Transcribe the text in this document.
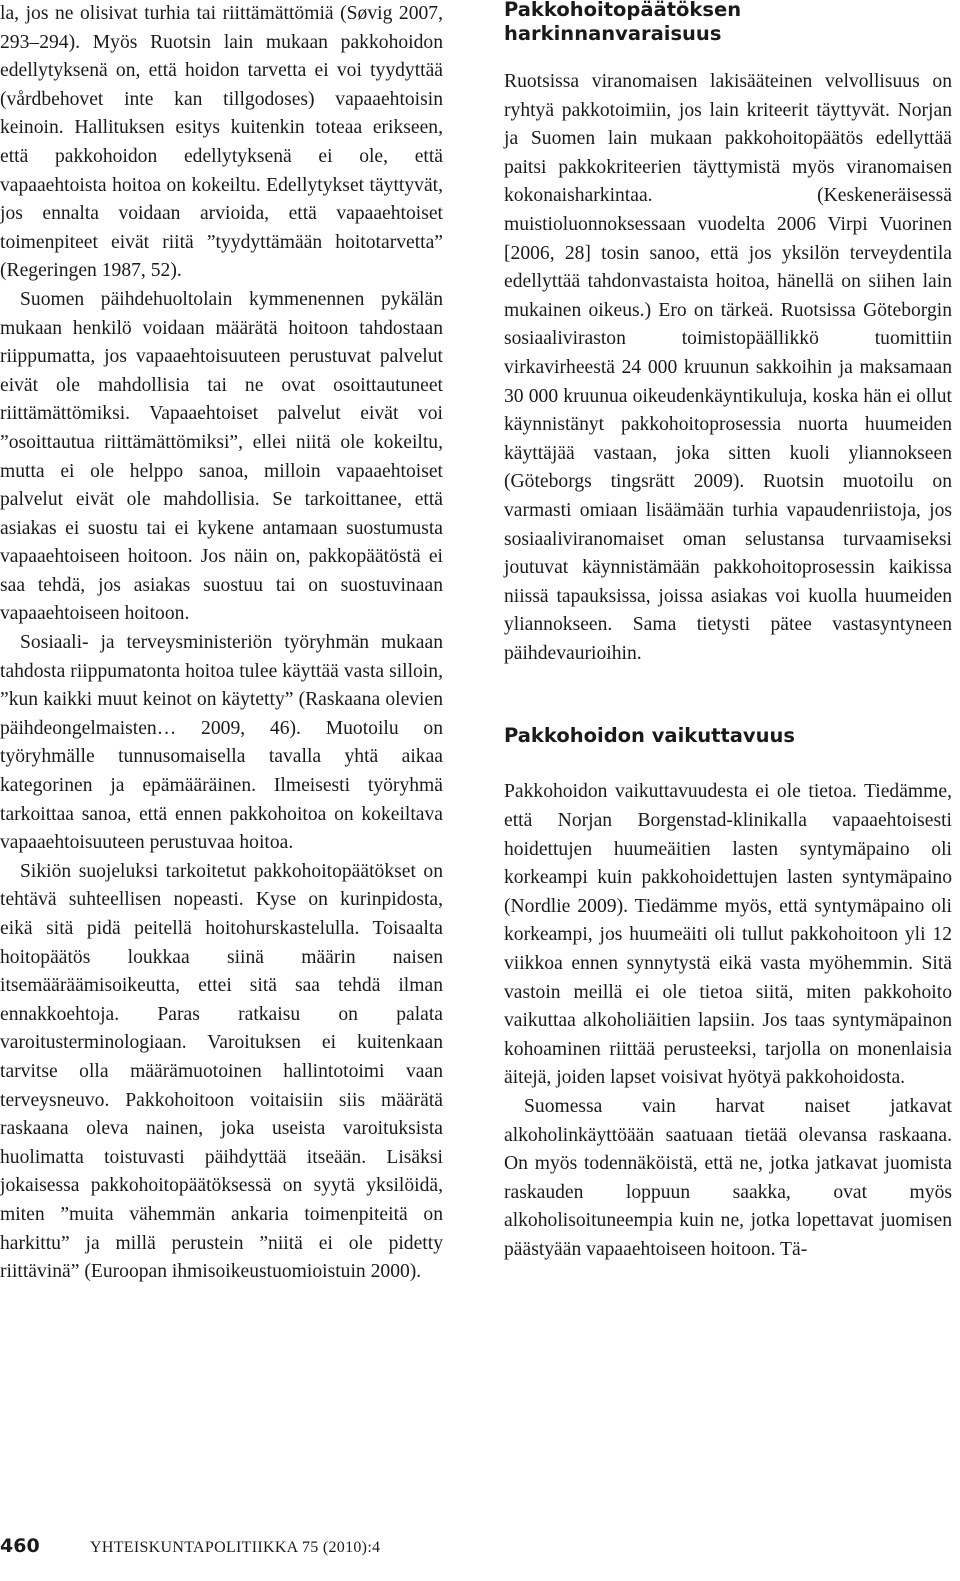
la, jos ne olisivat turhia tai riittämättömiä (Søvig 2007, 293–294). Myös Ruotsin lain mukaan pakkohoidon edellytyksenä on, että hoidon tarvetta ei voi tyydyttää (vårdbehovet inte kan tillgodoses) vapaaehtoisin keinoin. Hallituksen esitys kuitenkin toteaa erikseen, että pakkohoidon edellytyksenä ei ole, että vapaaehtoista hoitoa on kokeiltu. Edellytykset täyttyvät, jos ennalta voidaan arvioida, että vapaaehtoiset toimenpiteet eivät riitä ”tyydyttämään hoitotarvetta” (Regeringen 1987, 52).

Suomen päihdehuoltolain kymmenennen pykälän mukaan henkilö voidaan määrätä hoitoon tahdostaan riippumatta, jos vapaaehtoisuuteen perustuvat palvelut eivät ole mahdollisia tai ne ovat osoittautuneet riittämättömiksi. Vapaaehtoiset palvelut eivät voi ”osoittautua riittämättömiksi”, ellei niitä ole kokeiltu, mutta ei ole helppo sanoa, milloin vapaaehtoiset palvelut eivät ole mahdollisia. Se tarkoittanee, että asiakas ei suostu tai ei kykene antamaan suostumusta vapaaehtoiseen hoitoon. Jos näin on, pakkopäätöstä ei saa tehdä, jos asiakas suostuu tai on suostuvinaan vapaaehtoiseen hoitoon.

Sosiaali- ja terveysministeriön työryhmän mukaan tahdosta riippumatonta hoitoa tulee käyttää vasta silloin, ”kun kaikki muut keinot on käytetty” (Raskaana olevien päihdeongelmaisten… 2009, 46). Muotoilu on työryhmälle tunnusomaisella tavalla yhtä aikaa kategorinen ja epämääräinen. Ilmeisesti työryhmä tarkoittaa sanoa, että ennen pakkohoitoa on kokeiltava vapaaehtoisuuteen perustuvaa hoitoa.

Sikiön suojeluksi tarkoitetut pakkohoitopäätökset on tehtävä suhteellisen nopeasti. Kyse on kurinpidosta, eikä sitä pidä peitellä hoitohurskastelulla. Toisaalta hoitopäätös loukkaa siinä määrin naisen itsemääräämisoikeutta, ettei sitä saa tehdä ilman ennakkoehtoja. Paras ratkaisu on palata varoitusterminologiaan. Varoituksen ei kuitenkaan tarvitse olla määrämuotoinen hallintotoimi vaan terveysneuvo. Pakkohoitoon voitaisiin siis määrätä raskaana oleva nainen, joka useista varoituksista huolimatta toistuvasti päihdyttää itseään. Lisäksi jokaisessa pakkohoitopäätöksessä on syytä yksilöidä, miten ”muita vähemmän ankaria toimenpiteitä on harkittu” ja millä perustein ”niitä ei ole pidetty riittävinä” (Euroopan ihmisoikeustuomioistuin 2000).

Pakkohoitopäätöksen harkinnanvaraisuus

Ruotsissa viranomaisen lakisääteinen velvollisuus on ryhtyä pakkotoimiin, jos lain kriteerit täyttyvät. Norjan ja Suomen lain mukaan pakkohoitopäätös edellyttää paitsi pakkokriteerien täyttymistä myös viranomaisen kokonaisharkintaa. (Keskeneräisessä muistioluonnoksessaan vuodelta 2006 Virpi Vuorinen [2006, 28] tosin sanoo, että jos yksilön terveydentila edellyttää tahdonvastaista hoitoa, hänellä on siihen lain mukainen oikeus.) Ero on tärkeä. Ruotsissa Göteborgin sosiaaliviraston toimistopäällikkö tuomittiin virkavirheestä 24 000 kruunun sakkoihin ja maksamaan 30 000 kruunua oikeudenkäyntikuluja, koska hän ei ollut käynnistänyt pakkohoitoprosessia nuorta huumeiden käyttäjää vastaan, joka sitten kuoli yliannokseen (Göteborgs tingsrätt 2009). Ruotsin muotoilu on varmasti omiaan lisäämään turhia vapaudenriistoja, jos sosiaaliviranomaiset oman selustansa turvaamiseksi joutuvat käynnistämään pakkohoitoprosessin kaikissa niissä tapauksissa, joissa asiakas voi kuolla huumeiden yliannokseen. Sama tietysti pätee vastasyntyneen päihdevaurioihin.

Pakkohoidon vaikuttavuus

Pakkohoidon vaikuttavuudesta ei ole tietoa. Tiedämme, että Norjan Borgenstad-klinikalla vapaaehtoisesti hoidettujen huumeäitien lasten syntymäpaino oli korkeampi kuin pakkohoidettujen lasten syntymäpaino (Nordlie 2009). Tiedämme myös, että syntymäpaino oli korkeampi, jos huumeäiti oli tullut pakkohoitoon yli 12 viikkoa ennen synnytystä eikä vasta myöhemmin. Sitä vastoin meillä ei ole tietoa siitä, miten pakkohoito vaikuttaa alkoholiäitien lapsiin. Jos taas syntymäpainon kohoaminen riittää perusteeksi, tarjolla on monenlaisia äitejä, joiden lapset voisivat hyötyä pakkohoidosta.

Suomessa vain harvat naiset jatkavat alkoholinkäyttöään saatuaan tietää olevansa raskaana. On myös todennäköistä, että ne, jotka jatkavat juomista raskauden loppuun saakka, ovat myös alkoholisoituneempia kuin ne, jotka lopettavat juomisen päästyään vapaaehtoiseen hoitoon. Tä-

460	YHTEISKUNTAPOLITIIKKA 75 (2010):4
